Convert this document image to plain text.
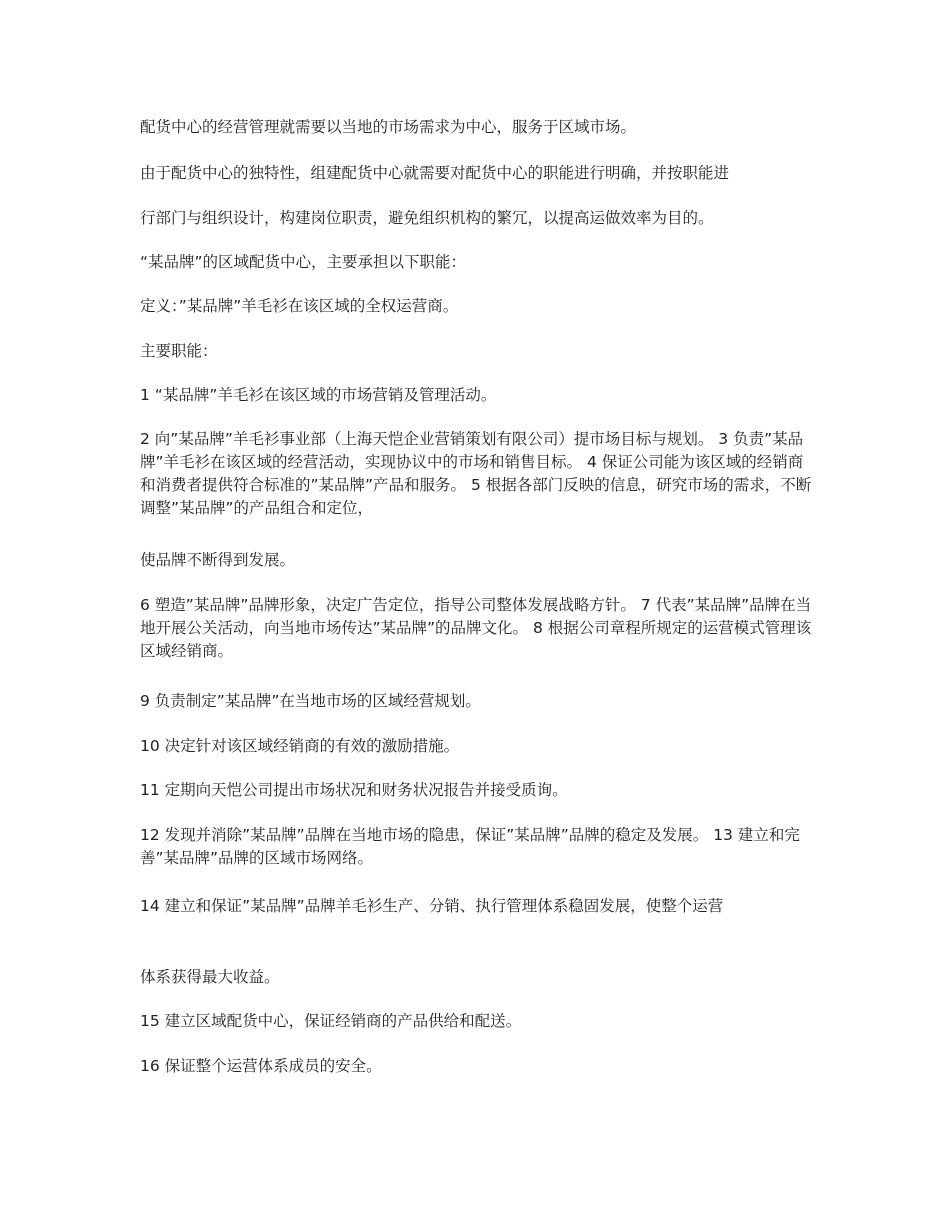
配货中心的经营管理就需要以当地的市场需求为中心，服务于区域市场。

由于配货中心的独特性，组建配货中心就需要对配货中心的职能进行明确，并按职能进

行部门与组织设计，构建岗位职责，避免组织机构的繁冗，以提高运做效率为目的。

“某品牌”的区域配货中心，主要承担以下职能：

定义：”某品牌”羊毛衫在该区域的全权运营商。

主要职能：

1 “某品牌”羊毛衫在该区域的市场营销及管理活动。

2 向”某品牌”羊毛衫事业部（上海天恺企业营销策划有限公司）提市场目标与规划。 3 负责”某品牌”羊毛衫在该区域的经营活动，实现协议中的市场和销售目标。 4 保证公司能为该区域的经销商和消费者提供符合标准的”某品牌”产品和服务。 5 根据各部门反映的信息，研究市场的需求，不断调整”某品牌”的产品组合和定位，

使品牌不断得到发展。

6 塑造”某品牌”品牌形象，决定广告定位，指导公司整体发展战略方针。 7 代表”某品牌”品牌在当地开展公关活动，向当地市场传达”某品牌”的品牌文化。 8 根据公司章程所规定的运营模式管理该区域经销商。

9 负责制定”某品牌”在当地市场的区域经营规划。

10 决定针对该区域经销商的有效的激励措施。

11 定期向天恺公司提出市场状况和财务状况报告并接受质询。

12 发现并消除”某品牌”品牌在当地市场的隐患，保证”某品牌”品牌的稳定及发展。 13 建立和完善”某品牌”品牌的区域市场网络。

14 建立和保证”某品牌”品牌羊毛衫生产、分销、执行管理体系稳固发展，使整个运营

体系获得最大收益。

15 建立区域配货中心，保证经销商的产品供给和配送。

16 保证整个运营体系成员的安全。
